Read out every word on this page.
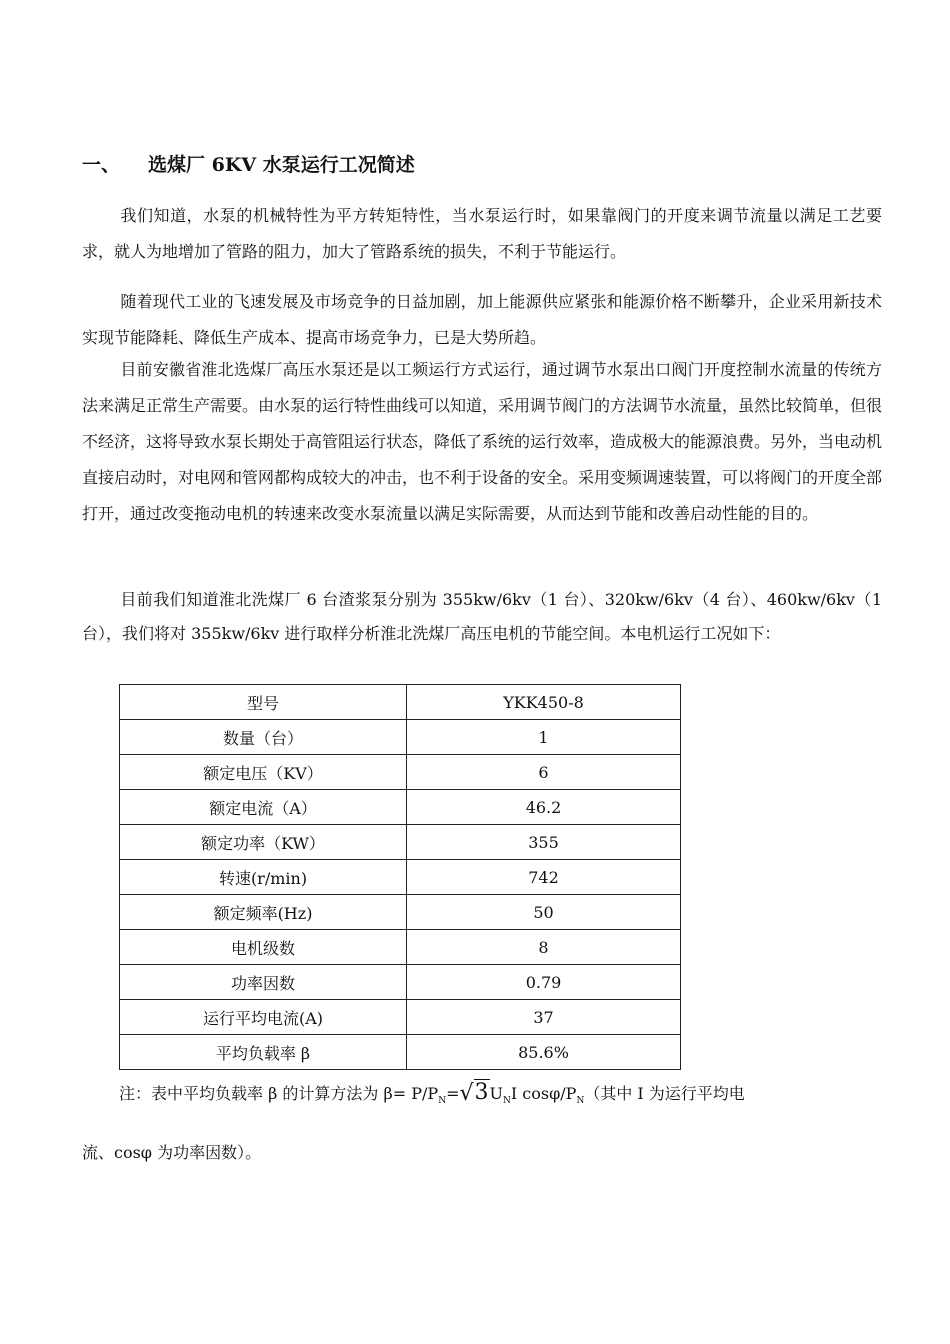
一、 选煤厂 6KV 水泵运行工况简述

我们知道，水泵的机械特性为平方转矩特性，当水泵运行时，如果靠阀门的开度来调节流量以满足工艺要求，就人为地增加了管路的阻力，加大了管路系统的损失，不利于节能运行。

随着现代工业的飞速发展及市场竞争的日益加剧，加上能源供应紧张和能源价格不断攀升，企业采用新技术实现节能降耗、降低生产成本、提高市场竞争力，已是大势所趋。

目前安徽省淮北选煤厂高压水泵还是以工频运行方式运行，通过调节水泵出口阀门开度控制水流量的传统方法来满足正常生产需要。由水泵的运行特性曲线可以知道，采用调节阀门的方法调节水流量，虽然比较简单，但很不经济，这将导致水泵长期处于高管阻运行状态，降低了系统的运行效率，造成极大的能源浪费。另外，当电动机直接启动时，对电网和管网都构成较大的冲击，也不利于设备的安全。采用变频调速装置，可以将阀门的开度全部打开，通过改变拖动电机的转速来改变水泵流量以满足实际需要，从而达到节能和改善启动性能的目的。

目前我们知道淮北洗煤厂 6 台渣浆泵分别为 355kw/6kv（1 台）、320kw/6kv（4 台）、460kw/6kv（1 台），我们将对 355kw/6kv 进行取样分析淮北洗煤厂高压电机的节能空间。本电机运行工况如下：

型号	YKK450-8
数量（台）	1
额定电压（KV）	6
额定电流（A）	46.2
额定功率（KW）	355
转速(r/min)	742
额定频率(Hz)	50
电机级数	8
功率因数	0.79
运行平均电流(A)	37
平均负载率 β	85.6%
注：表中平均负载率 β 的计算方法为 $\beta= P/P_N=√3U_NI$ cosφ/$P_N$（其中 I 为运行平均电
流、cosφ 为功率因数）。
